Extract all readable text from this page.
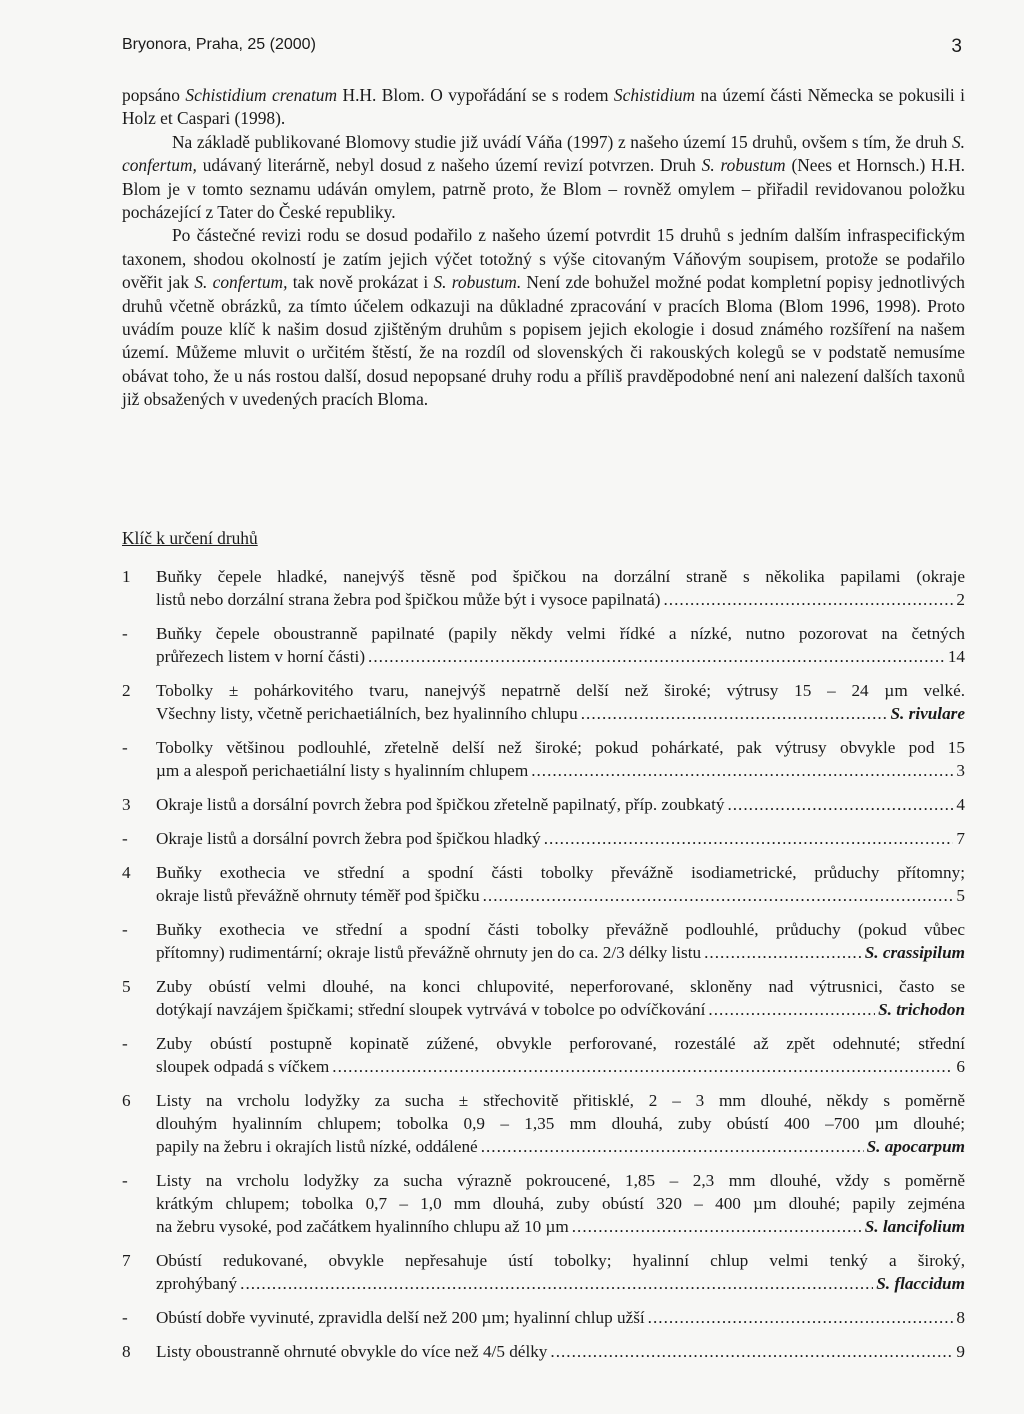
Bryonora, Praha, 25 (2000)	3

popsáno Schistidium crenatum H.H. Blom. O vypořádání se s rodem Schistidium na území části Německa se pokusili i Holz et Caspari (1998).

Na základě publikované Blomovy studie již uvádí Váňa (1997) z našeho území 15 druhů, ovšem s tím, že druh S. confertum, udávaný literárně, nebyl dosud z našeho území revizí potvrzen. Druh S. robustum (Nees et Hornsch.) H.H. Blom je v tomto seznamu udáván omylem, patrně proto, že Blom – rovněž omylem – přiřadil revidovanou položku pocházející z Tater do České republiky.

Po částečné revizi rodu se dosud podařilo z našeho území potvrdit 15 druhů s jedním dalším infraspecifickým taxonem, shodou okolností je zatím jejich výčet totožný s výše citovaným Váňovým soupisem, protože se podařilo ověřit jak S. confertum, tak nově prokázat i S. robustum. Není zde bohužel možné podat kompletní popisy jednotlivých druhů včetně obrázků, za tímto účelem odkazuji na důkladné zpracování v pracích Bloma (Blom 1996, 1998). Proto uvádím pouze klíč k našim dosud zjištěným druhům s popisem jejich ekologie i dosud známého rozšíření na našem území. Můžeme mluvit o určitém štěstí, že na rozdíl od slovenských či rakouských kolegů se v podstatě nemusíme obávat toho, že u nás rostou další, dosud nepopsané druhy rodu a příliš pravděpodobné není ani nalezení dalších taxonů již obsažených v uvedených pracích Bloma.

Klíč k určení druhů
1	Buňky čepele hladké, nanejvýš těsně pod špičkou na dorzální straně s několika papilami (okraje
listů nebo dorzální strana žebra pod špičkou může být i vysoce papilnatá) .....	2
-	Buňky čepele oboustranně papilnaté (papily někdy velmi řídké a nízké, nutno pozorovat na četných
průřezech listem v horní části) .....	14
2	Tobolky ± pohárkovitého tvaru, nanejvýš nepatrně delší než široké; výtrusy 15 – 24 µm velké.
Všechny listy, včetně perichaetiálních, bez hyalinního chlupu .....	S. rivulare
-	Tobolky většinou podlouhlé, zřetelně delší než široké; pokud pohárkaté, pak výtrusy obvykle pod 15
µm a alespoň perichaetiální listy s hyalinním chlupem .....	3
3	Okraje listů a dorsální povrch žebra pod špičkou zřetelně papilnatý, příp. zoubkatý .....	4
-	Okraje listů a dorsální povrch žebra pod špičkou hladký .....	7
4	Buňky exothecia ve střední a spodní části tobolky převážně isodiametrické, průduchy přítomny;
okraje listů převážně ohrnuty téměř pod špičku .....	5
-	Buňky exothecia ve střední a spodní části tobolky převážně podlouhlé, průduchy (pokud vůbec
přítomny) rudimentární; okraje listů převážně ohrnuty jen do ca. 2/3 délky listu .....	S. crassipilum
5	Zuby obústí velmi dlouhé, na konci chlupovité, neperforované, skloněny nad výtrusnici, často se
dotýkají navzájem špičkami; střední sloupek vytrvává v tobolce po odvíčkování .....	S. trichodon
-	Zuby obústí postupně kopinatě zúžené, obvykle perforované, rozestálé až zpět odehnuté; střední
sloupek odpadá s víčkem .....	6
6	Listy na vrcholu lodyžky za sucha ± střechovitě přitisklé, 2 – 3 mm dlouhé, někdy s poměrně
dlouhým hyalinním chlupem; tobolka 0,9 – 1,35 mm dlouhá, zuby obústí 400 –700 µm dlouhé;
papily na žebru i okrajích listů nízké, oddálené .....	S. apocarpum
-	Listy na vrcholu lodyžky za sucha výrazně pokroucené, 1,85 – 2,3 mm dlouhé, vždy s poměrně
krátkým chlupem; tobolka 0,7 – 1,0 mm dlouhá, zuby obústí 320 – 400 µm dlouhé; papily zejména
na žebru vysoké, pod začátkem hyalinního chlupu až 10 µm .....	S. lancifolium
7	Obústí redukované, obvykle nepřesahuje ústí tobolky; hyalinní chlup velmi tenký a široký,
zprohýbaný .....	S. flaccidum
-	Obústí dobře vyvinuté, zpravidla delší než 200 µm; hyalinní chlup užší .....	8
8	Listy oboustranně ohrnuté obvykle do více než 4/5 délky .....	9
